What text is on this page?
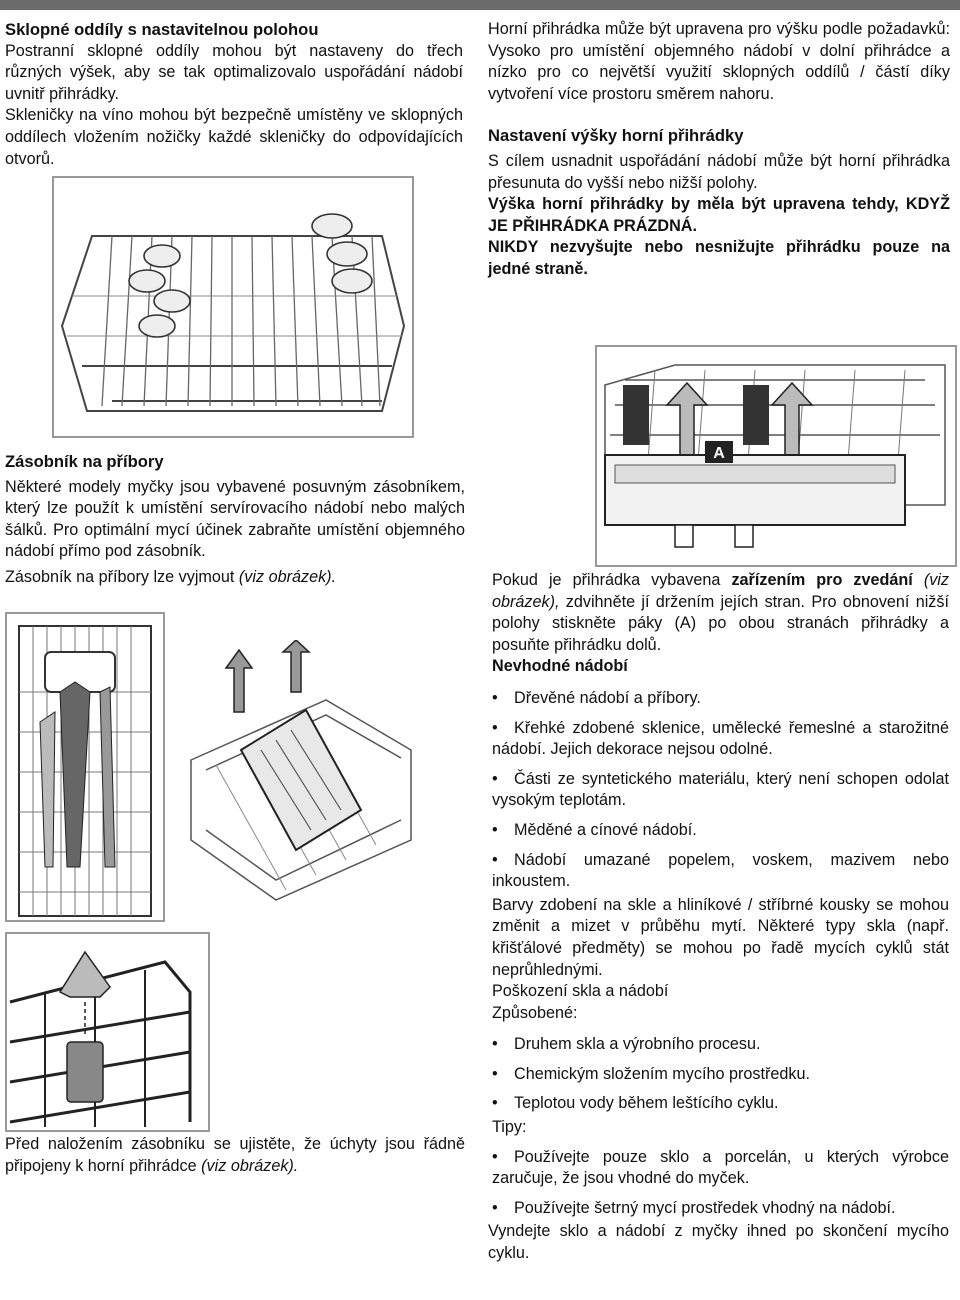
Sklopné oddíly s nastavitelnou polohou

Postranní sklopné oddíly mohou být nastaveny do třech různých výšek, aby se tak optimalizovalo uspořádání nádobí uvnitř přihrádky.

Skleničky na víno mohou být bezpečně umístěny ve sklopných oddílech vložením nožičky každé skleničky do odpovídajících otvorů.

Horní přihrádka může být upravena pro výšku podle požadavků: Vysoko pro umístění objemného nádobí v dolní přihrádce a nízko pro co největší využití sklopných oddílů / částí díky vytvoření více prostoru směrem nahoru.

Nastavení výšky horní přihrádky

S cílem usnadnit uspořádání nádobí může být horní přihrádka přesunuta do vyšší nebo nižší polohy.

Výška horní přihrádky by měla být upravena tehdy, KDYŽ JE PŘIHRÁDKA PRÁZDNÁ.

NIKDY nezvyšujte nebo nesnižujte přihrádku pouze na jedné straně.

A

Zásobník na příbory

Některé modely myčky jsou vybavené posuvným zásobníkem, který lze použít k umístění servírovacího nádobí nebo malých šálků. Pro optimální mycí účinek zabraňte umístění objemného nádobí přímo pod zásobník.

Zásobník na příbory lze vyjmout (viz obrázek).

Před naložením zásobníku se ujistěte, že úchyty jsou řádně připojeny k horní přihrádce (viz obrázek).

Pokud je přihrádka vybavena zařízením pro zvedání (viz obrázek), zdvihněte jí držením jejích stran. Pro obnovení nižší polohy stiskněte páky (A) po obou stranách přihrádky a posuňte přihrádku dolů.

Nevhodné nádobí

• Dřevěné nádobí a příbory.
• Křehké zdobené sklenice, umělecké řemeslné a starožitné nádobí. Jejich dekorace nejsou odolné.
• Části ze syntetického materiálu, který není schopen odolat vysokým teplotám.
• Měděné a cínové nádobí.
• Nádobí umazané popelem, voskem, mazivem nebo inkoustem.

Barvy zdobení na skle a hliníkové / stříbrné kousky se mohou změnit a mizet v průběhu mytí. Některé typy skla (např. křišťálové předměty) se mohou po řadě mycích cyklů stát neprůhlednými.

Poškození skla a nádobí

Způsobené:

• Druhem skla a výrobního procesu.
• Chemickým složením mycího prostředku.
• Teplotou vody během leštícího cyklu.

Tipy:

• Používejte pouze sklo a porcelán, u kterých výrobce zaručuje, že jsou vhodné do myček.
• Používejte šetrný mycí prostředek vhodný na nádobí.

Vyndejte sklo a nádobí z myčky ihned po skončení mycího cyklu.
